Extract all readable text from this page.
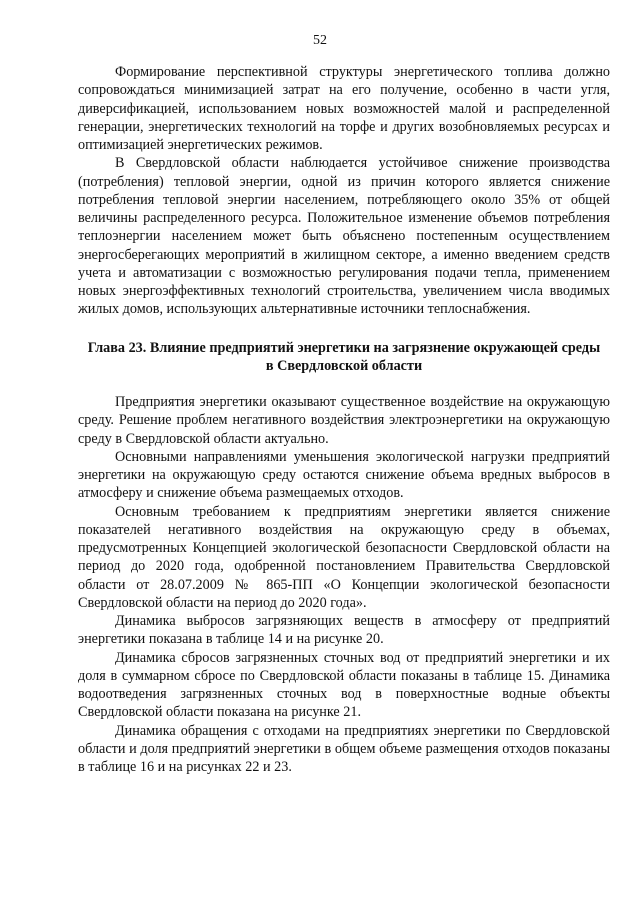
52

Формирование перспективной структуры энергетического топлива должно сопровождаться минимизацией затрат на его получение, особенно в части угля, диверсификацией, использованием новых возможностей малой и распределенной генерации, энергетических технологий на торфе и других возобновляемых ресурсах и оптимизацией энергетических режимов.

В Свердловской области наблюдается устойчивое снижение производства (потребления) тепловой энергии, одной из причин которого является снижение потребления тепловой энергии населением, потребляющего около 35% от общей величины распределенного ресурса. Положительное изменение объемов потребления теплоэнергии населением может быть объяснено постепенным осуществлением энергосберегающих мероприятий в жилищном секторе, а именно введением средств учета и автоматизации с возможностью регулирования подачи тепла, применением новых энергоэффективных технологий строительства, увеличением числа вводимых жилых домов, использующих альтернативные источники теплоснабжения.

Глава 23. Влияние предприятий энергетики на загрязнение окружающей среды в Свердловской области

Предприятия энергетики оказывают существенное воздействие на окружающую среду. Решение проблем негативного воздействия электроэнергетики на окружающую среду в Свердловской области актуально.

Основными направлениями уменьшения экологической нагрузки предприятий энергетики на окружающую среду остаются снижение объема вредных выбросов в атмосферу и снижение объема размещаемых отходов.

Основным требованием к предприятиям энергетики является снижение показателей негативного воздействия на окружающую среду в объемах, предусмотренных Концепцией экологической безопасности Свердловской области на период до 2020 года, одобренной постановлением Правительства Свердловской области от 28.07.2009 № 865-ПП «О Концепции экологической безопасности Свердловской области на период до 2020 года».

Динамика выбросов загрязняющих веществ в атмосферу от предприятий энергетики показана в таблице 14 и на рисунке 20.

Динамика сбросов загрязненных сточных вод от предприятий энергетики и их доля в суммарном сбросе по Свердловской области показаны в таблице 15. Динамика водоотведения загрязненных сточных вод в поверхностные водные объекты Свердловской области показана на рисунке 21.

Динамика обращения с отходами на предприятиях энергетики по Свердловской области и доля предприятий энергетики в общем объеме размещения отходов показаны в таблице 16 и на рисунках 22 и 23.
